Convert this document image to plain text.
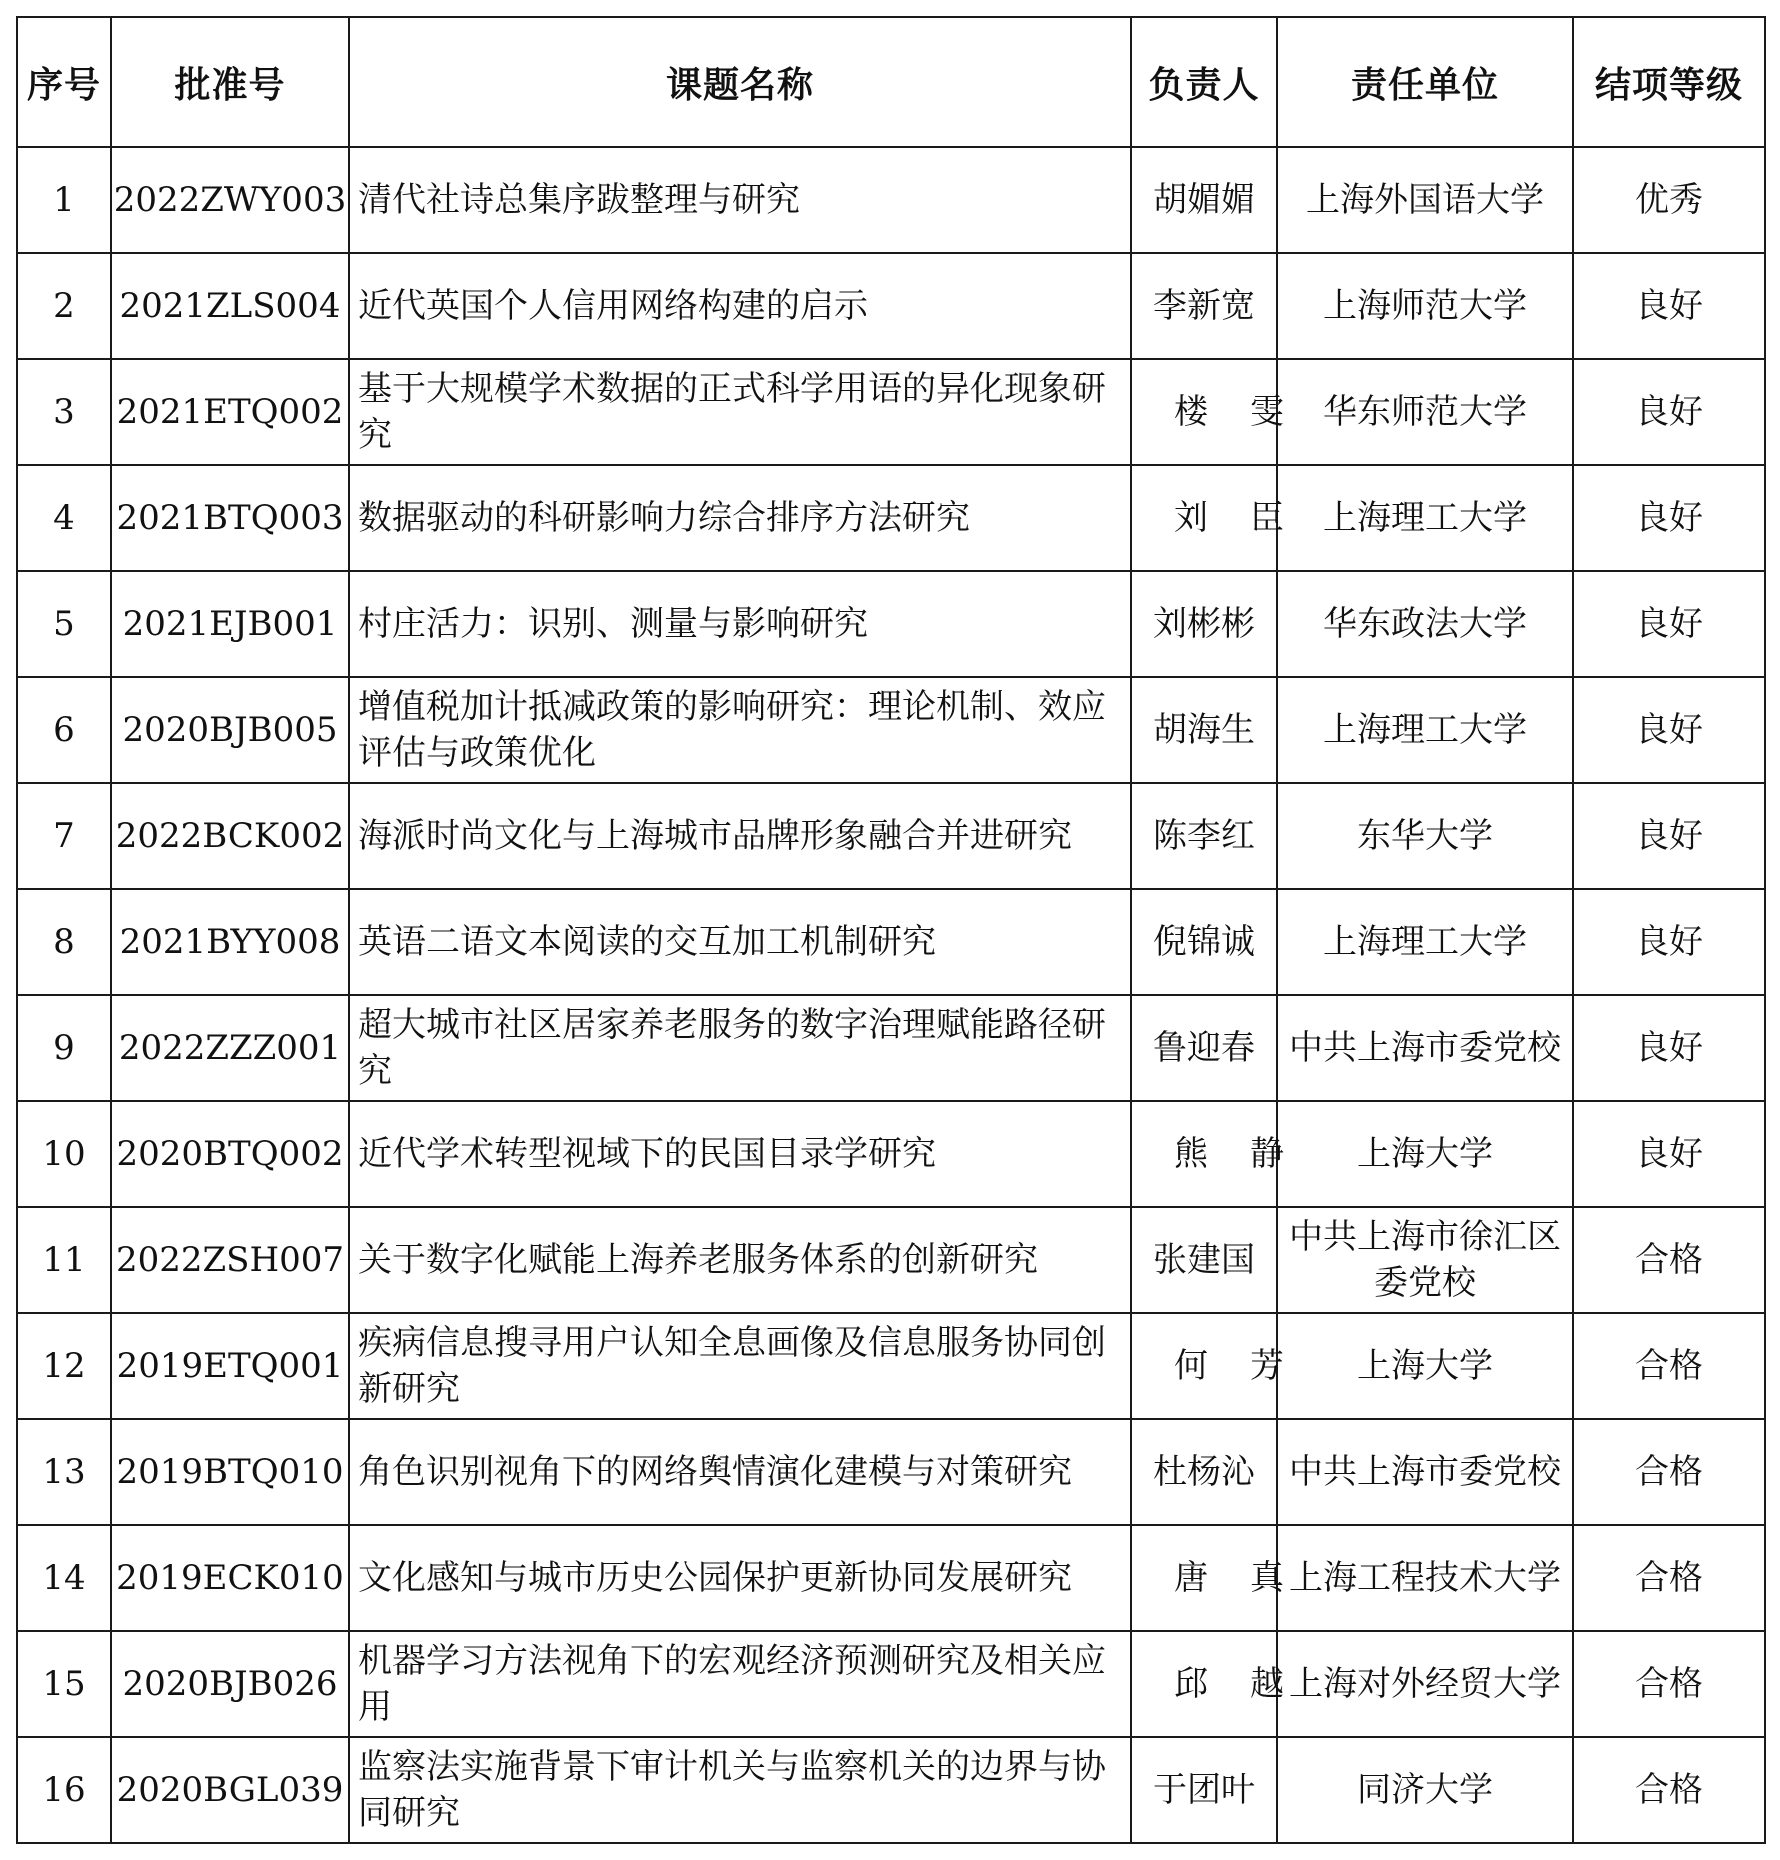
序号	批准号	课题名称	负责人	责任单位	结项等级
1	2022ZWY003	清代社诗总集序跋整理与研究	胡媚媚	上海外国语大学	优秀
2	2021ZLS004	近代英国个人信用网络构建的启示	李新宽	上海师范大学	良好
3	2021ETQ002	基于大规模学术数据的正式科学用语的异化现象研究	楼雯	华东师范大学	良好
4	2021BTQ003	数据驱动的科研影响力综合排序方法研究	刘臣	上海理工大学	良好
5	2021EJB001	村庄活力：识别、测量与影响研究	刘彬彬	华东政法大学	良好
6	2020BJB005	增值税加计抵减政策的影响研究：理论机制、效应评估与政策优化	胡海生	上海理工大学	良好
7	2022BCK002	海派时尚文化与上海城市品牌形象融合并进研究	陈李红	东华大学	良好
8	2021BYY008	英语二语文本阅读的交互加工机制研究	倪锦诚	上海理工大学	良好
9	2022ZZZ001	超大城市社区居家养老服务的数字治理赋能路径研究	鲁迎春	中共上海市委党校	良好
10	2020BTQ002	近代学术转型视域下的民国目录学研究	熊静	上海大学	良好
11	2022ZSH007	关于数字化赋能上海养老服务体系的创新研究	张建国	中共上海市徐汇区委党校	合格
12	2019ETQ001	疾病信息搜寻用户认知全息画像及信息服务协同创新研究	何芳	上海大学	合格
13	2019BTQ010	角色识别视角下的网络舆情演化建模与对策研究	杜杨沁	中共上海市委党校	合格
14	2019ECK010	文化感知与城市历史公园保护更新协同发展研究	唐真	上海工程技术大学	合格
15	2020BJB026	机器学习方法视角下的宏观经济预测研究及相关应用	邱越	上海对外经贸大学	合格
16	2020BGL039	监察法实施背景下审计机关与监察机关的边界与协同研究	于团叶	同济大学	合格
